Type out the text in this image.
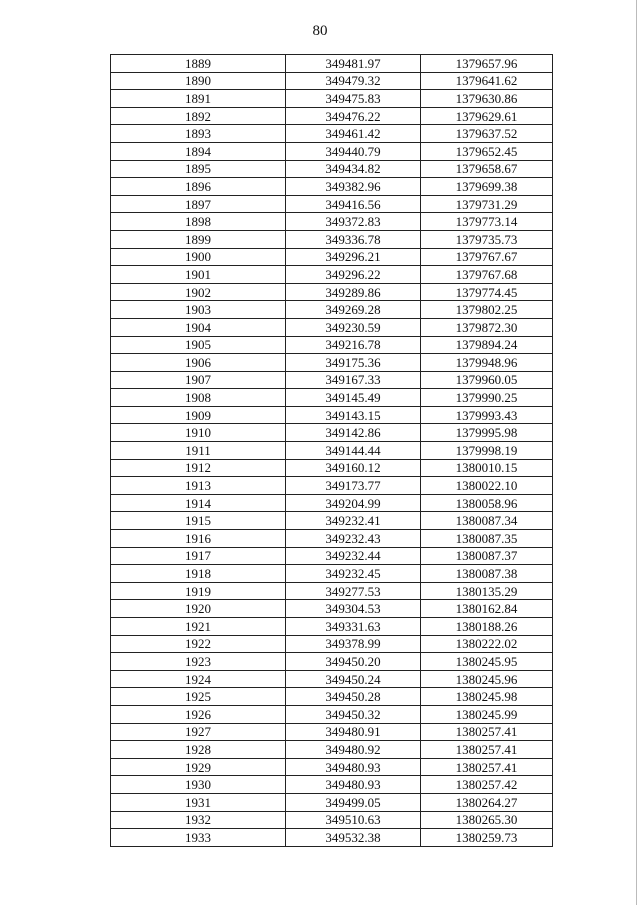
80
1889	349481.97	1379657.96
1890	349479.32	1379641.62
1891	349475.83	1379630.86
1892	349476.22	1379629.61
1893	349461.42	1379637.52
1894	349440.79	1379652.45
1895	349434.82	1379658.67
1896	349382.96	1379699.38
1897	349416.56	1379731.29
1898	349372.83	1379773.14
1899	349336.78	1379735.73
1900	349296.21	1379767.67
1901	349296.22	1379767.68
1902	349289.86	1379774.45
1903	349269.28	1379802.25
1904	349230.59	1379872.30
1905	349216.78	1379894.24
1906	349175.36	1379948.96
1907	349167.33	1379960.05
1908	349145.49	1379990.25
1909	349143.15	1379993.43
1910	349142.86	1379995.98
1911	349144.44	1379998.19
1912	349160.12	1380010.15
1913	349173.77	1380022.10
1914	349204.99	1380058.96
1915	349232.41	1380087.34
1916	349232.43	1380087.35
1917	349232.44	1380087.37
1918	349232.45	1380087.38
1919	349277.53	1380135.29
1920	349304.53	1380162.84
1921	349331.63	1380188.26
1922	349378.99	1380222.02
1923	349450.20	1380245.95
1924	349450.24	1380245.96
1925	349450.28	1380245.98
1926	349450.32	1380245.99
1927	349480.91	1380257.41
1928	349480.92	1380257.41
1929	349480.93	1380257.41
1930	349480.93	1380257.42
1931	349499.05	1380264.27
1932	349510.63	1380265.30
1933	349532.38	1380259.73
